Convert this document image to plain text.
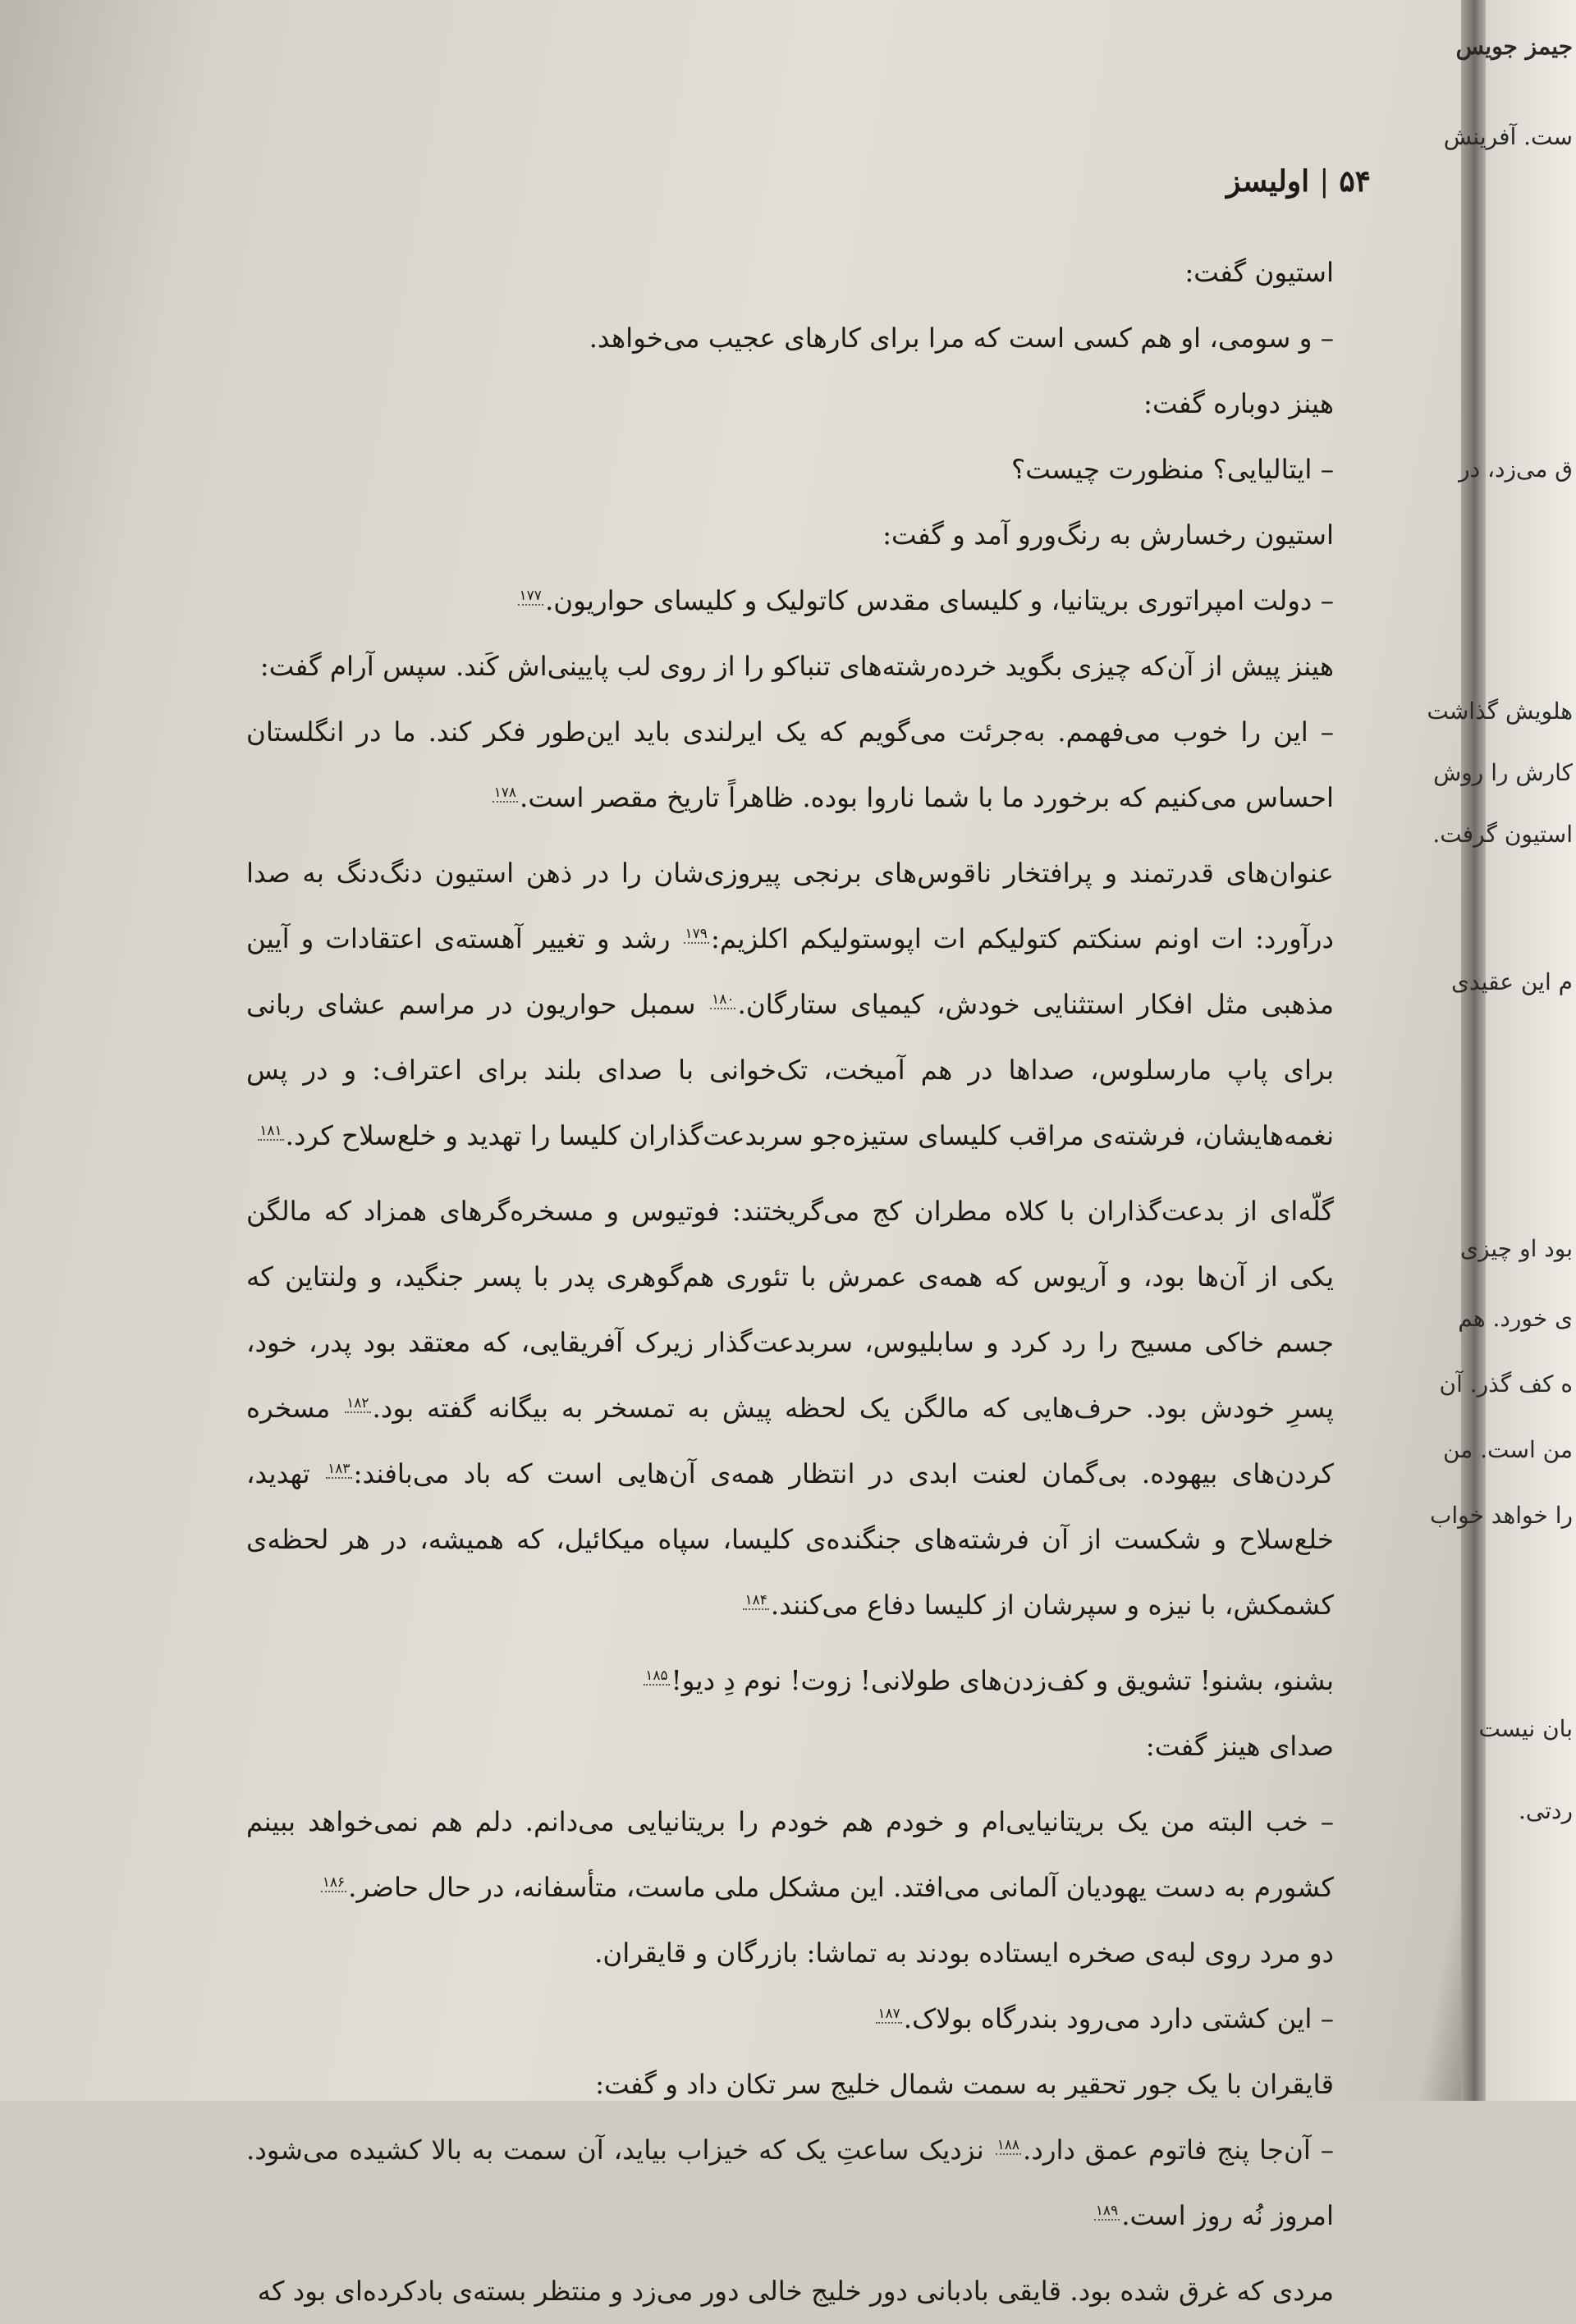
۵۴|اولیسز

استیون گفت:

– و سومی، او هم کسی است که مرا برای کارهای عجیب می‌خواهد.

هینز دوباره گفت:

– ایتالیایی؟ منظورت چیست؟

استیون رخسارش به رنگ‌ورو آمد و گفت:

– دولت امپراتوری بریتانیا، و کلیسای مقدس کاتولیک و کلیسای حواریون.$^{۱۷۷}$

هینز پیش از آن‌که چیزی بگوید خرده‌رشته‌های تنباکو را از روی لب پایینی‌اش کَند. سپس آرام گفت:

– این را خوب می‌فهمم. به‌جرئت می‌گویم که یک ایرلندی باید این‌طور فکر کند. ما در انگلستان احساس می‌کنیم که برخورد ما با شما ناروا بوده. ظاهراً تاریخ مقصر است.$^{۱۷۸}$

عنوان‌های قدرتمند و پرافتخار ناقوس‌های برنجی پیروزی‌شان را در ذهن استیون دنگ‌دنگ به صدا درآورد: ات اونم سنکتم کتولیکم ات اپوستولیکم اکلزیم:$^{۱۷۹}$ رشد و تغییر آهسته‌ی اعتقادات و آیین مذهبی مثل افکار استثنایی خودش، کیمیای ستارگان.$^{۱۸۰}$ سمبل حواریون در مراسم عشای ربانی برای پاپ مارسلوس، صداها در هم آمیخت، تک‌خوانی با صدای بلند برای اعتراف: و در پس نغمه‌هایشان، فرشته‌ی مراقب کلیسای ستیزه‌جو سربدعت‌گذاران کلیسا را تهدید و خلع‌سلاح کرد.$^{۱۸۱}$

گلّه‌ای از بدعت‌گذاران با کلاه مطران کج می‌گریختند: فوتیوس و مسخره‌گرهای همزاد که مالگن یکی از آن‌ها بود، و آریوس که همه‌ی عمرش با تئوری هم‌گوهری پدر با پسر جنگید، و ولنتاین که جسم خاکی مسیح را رد کرد و سابلیوس، سربدعت‌گذار زیرک آفریقایی، که معتقد بود پدر، خود، پسرِ خودش بود. حرف‌هایی که مالگن یک لحظه پیش به تمسخر به بیگانه گفته بود.$^{۱۸۲}$ مسخره کردن‌های بیهوده. بی‌گمان لعنت ابدی در انتظار همه‌ی آن‌هایی است که باد می‌بافند:$^{۱۸۳}$ تهدید، خلع‌سلاح و شکست از آن فرشته‌های جنگنده‌ی کلیسا، سپاه میکائیل، که همیشه، در هر لحظه‌ی کشمکش، با نیزه و سپرشان از کلیسا دفاع می‌کنند.$^{۱۸۴}$

بشنو، بشنو! تشویق و کف‌زدن‌های طولانی! زوت! نوم دِ دیو!$^{۱۸۵}$

صدای هینز گفت:

– خب البته من یک بریتانیایی‌ام و خودم هم خودم را بریتانیایی می‌دانم. دلم هم نمی‌خواهد ببینم کشورم به دست یهودیان آلمانی می‌افتد. این مشکل ملی ماست، متأسفانه، در حال حاضر.$^{۱۸۶}$

دو مرد روی لبه‌ی صخره ایستاده بودند به تماشا: بازرگان و قایقران.

– این کشتی دارد می‌رود بندرگاه بولاک.$^{۱۸۷}$

قایقران با یک جور تحقیر به سمت شمال خلیج سر تکان داد و گفت:

– آن‌جا پنج فاتوم عمق دارد.$^{۱۸۸}$ نزدیک ساعتِ یک که خیزاب بیاید، آن سمت به بالا کشیده می‌شود. امروز نُه روز است.$^{۱۸۹}$

مردی که غرق شده بود. قایقی بادبانی دور خلیج خالی دور می‌زد و منتظر بسته‌ی بادکرده‌ای بود که

جیمز جویس
ست. آفرینش
ق می‌زد، در
هلویش گذاشت
کارش را روش
استیون گرفت.
م این عقیدی
بود او چیزی
ی خورد. هم
ه کف گذر. آن
من است. من
را خواهد خواب
بان نیست
ردتی.
